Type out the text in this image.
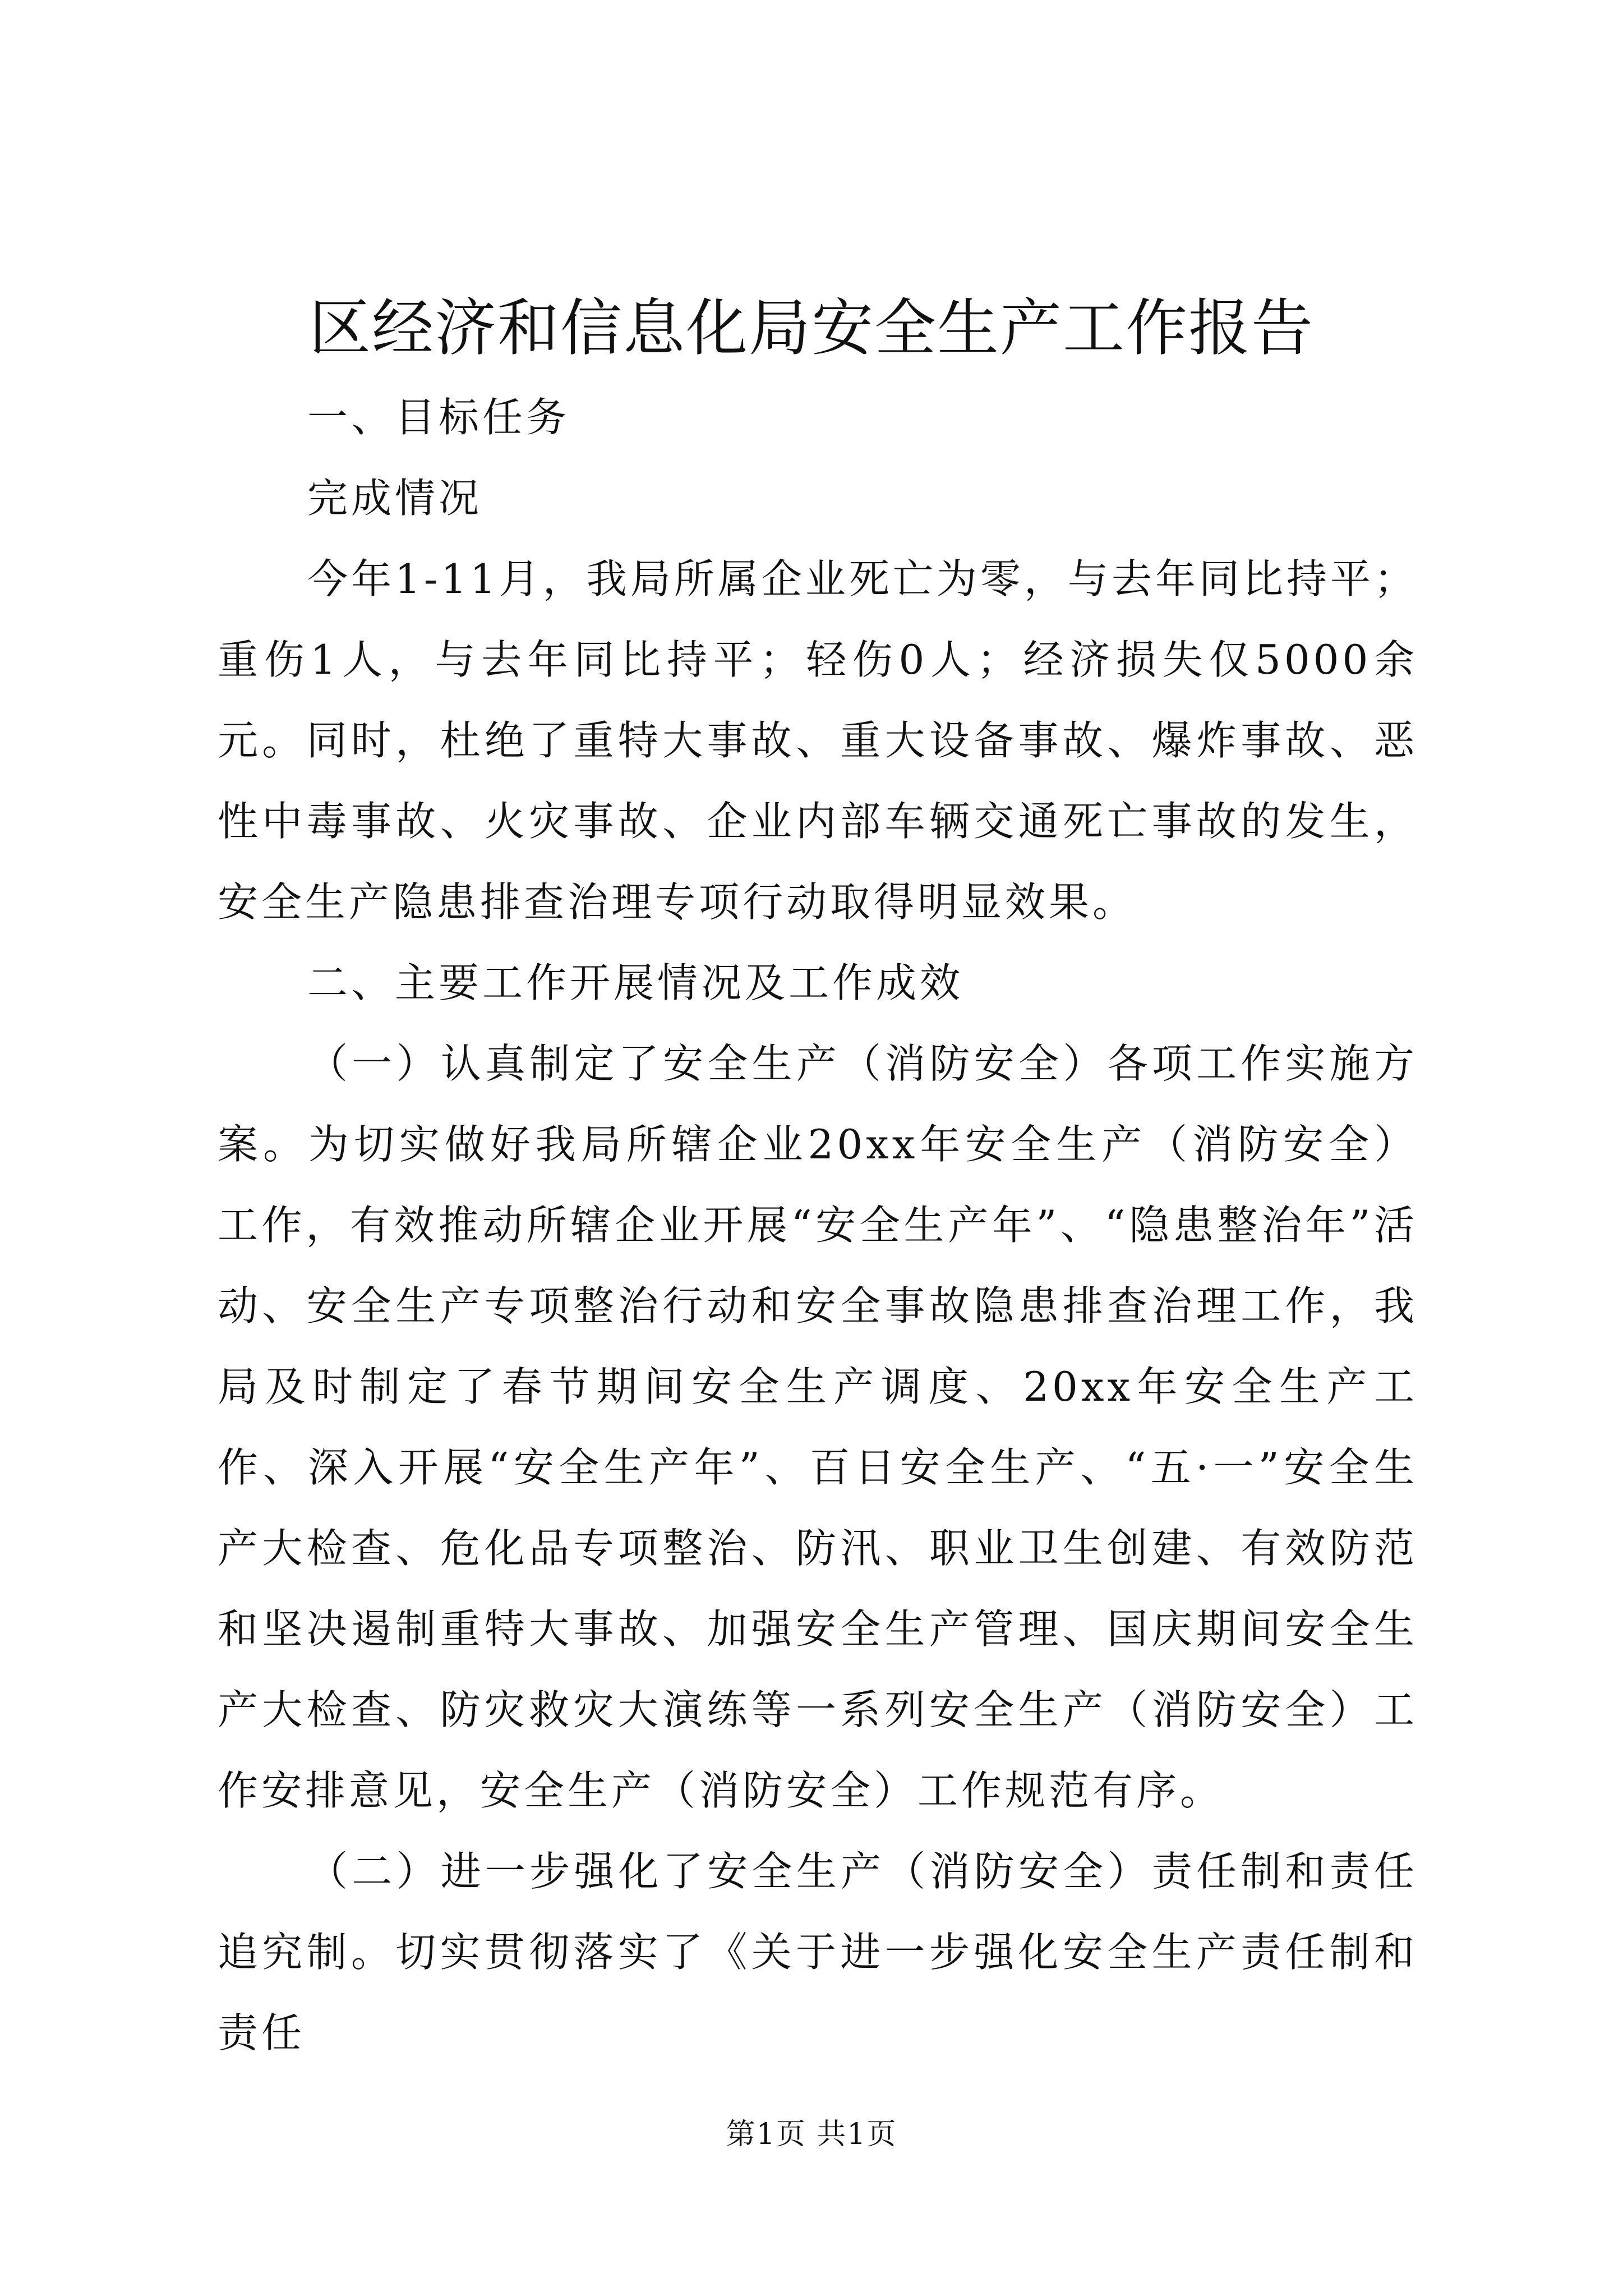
区经济和信息化局安全生产工作报告

一、目标任务

完成情况

今年1-11月，我局所属企业死亡为零，与去年同比持平；重伤1人，与去年同比持平；轻伤0人；经济损失仅5000余元。同时，杜绝了重特大事故、重大设备事故、爆炸事故、恶性中毒事故、火灾事故、企业内部车辆交通死亡事故的发生，安全生产隐患排查治理专项行动取得明显效果。

二、主要工作开展情况及工作成效

（一）认真制定了安全生产（消防安全）各项工作实施方案。为切实做好我局所辖企业20xx年安全生产（消防安全）工作，有效推动所辖企业开展“安全生产年”、“隐患整治年”活动、安全生产专项整治行动和安全事故隐患排查治理工作，我局及时制定了春节期间安全生产调度、20xx年安全生产工作、深入开展“安全生产年”、百日安全生产、“五·一”安全生产大检查、危化品专项整治、防汛、职业卫生创建、有效防范和坚决遏制重特大事故、加强安全生产管理、国庆期间安全生产大检查、防灾救灾大演练等一系列安全生产（消防安全）工作安排意见，安全生产（消防安全）工作规范有序。

（二）进一步强化了安全生产（消防安全）责任制和责任追究制。切实贯彻落实了《关于进一步强化安全生产责任制和责任

第1页 共1页
